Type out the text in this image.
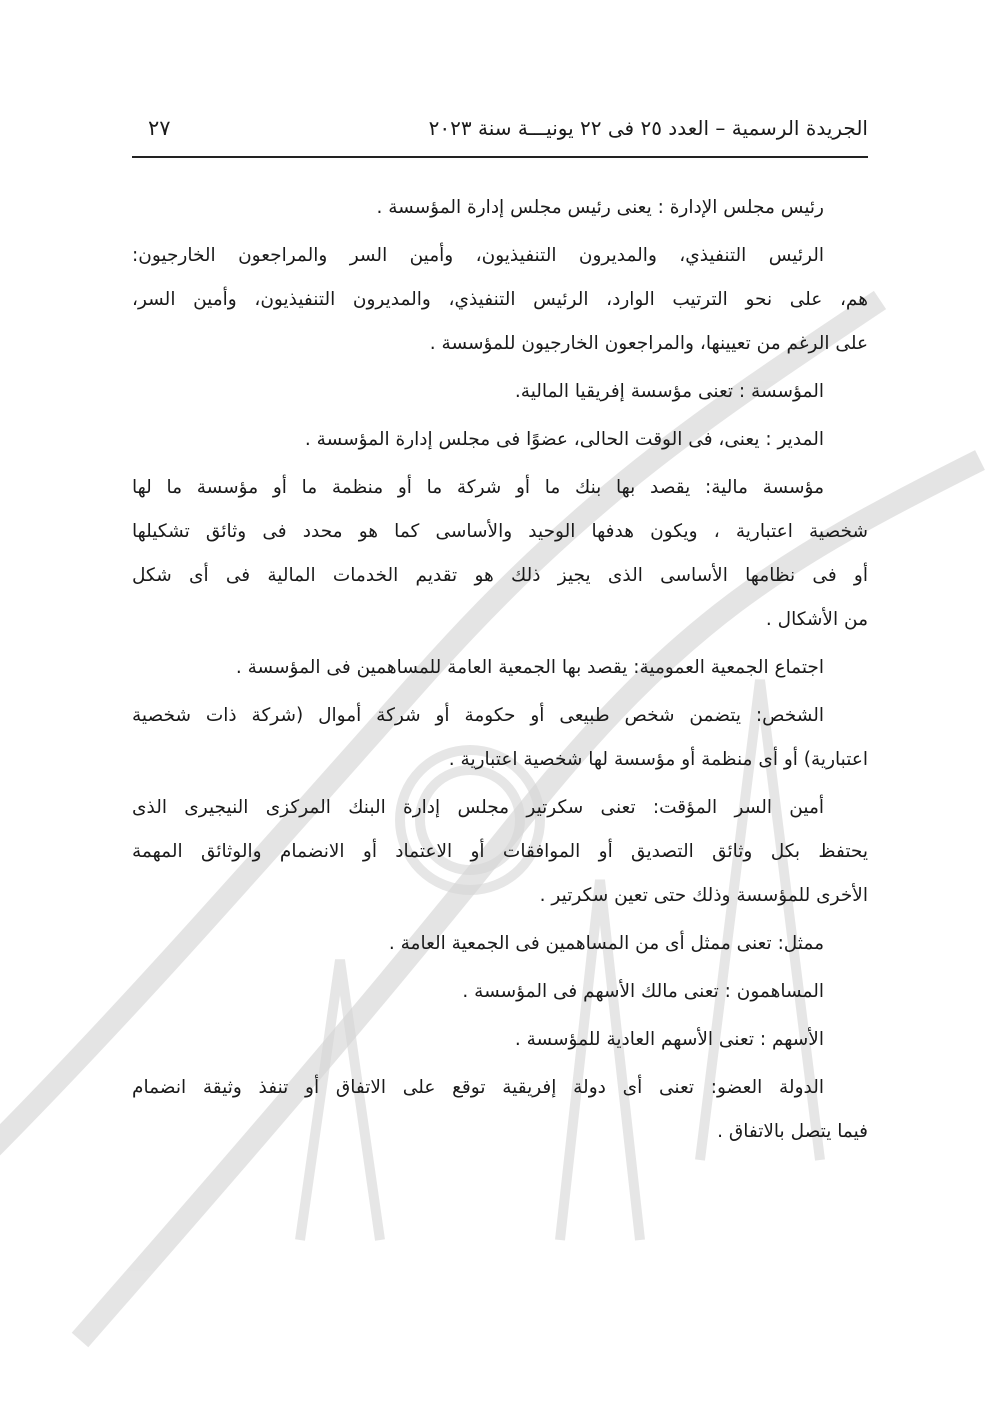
الجريدة الرسمية – العدد ٢٥ فى ٢٢ يونيـــة سنة ٢٠٢٣
٢٧
رئيس مجلس الإدارة : يعنى رئيس مجلس إدارة المؤسسة .
الرئيس التنفيذي، والمديرون التنفيذيون، وأمين السر والمراجعون الخارجيون:
هم، على نحو الترتيب الوارد، الرئيس التنفيذي، والمديرون التنفيذيون، وأمين السر،
على الرغم من تعيينها، والمراجعون الخارجيون للمؤسسة .
المؤسسة : تعنى مؤسسة إفريقيا المالية.
المدير : يعنى، فى الوقت الحالى، عضوًا فى مجلس إدارة المؤسسة .
مؤسسة مالية: يقصد بها بنك ما أو شركة ما أو منظمة ما أو مؤسسة ما لها
شخصية اعتبارية ، ويكون هدفها الوحيد والأساسى كما هو محدد فى وثائق تشكيلها
أو فى نظامها الأساسى الذى يجيز ذلك هو تقديم الخدمات المالية فى أى شكل
من الأشكال .
اجتماع الجمعية العمومية: يقصد بها الجمعية العامة للمساهمين فى المؤسسة .
الشخص: يتضمن شخص طبيعى أو حكومة أو شركة أموال (شركة ذات شخصية
اعتبارية) أو أى منظمة أو مؤسسة لها شخصية اعتبارية .
أمين السر المؤقت: تعنى سكرتير مجلس إدارة البنك المركزى النيجيرى الذى
يحتفظ بكل وثائق التصديق أو الموافقات أو الاعتماد أو الانضمام والوثائق المهمة
الأخرى للمؤسسة وذلك حتى تعين سكرتير .
ممثل: تعنى ممثل أى من المساهمين فى الجمعية العامة .
المساهمون : تعنى مالك الأسهم فى المؤسسة .
الأسهم : تعنى الأسهم العادية للمؤسسة .
الدولة العضو: تعنى أى دولة إفريقية توقع على الاتفاق أو تنفذ وثيقة انضمام
فيما يتصل بالاتفاق .
